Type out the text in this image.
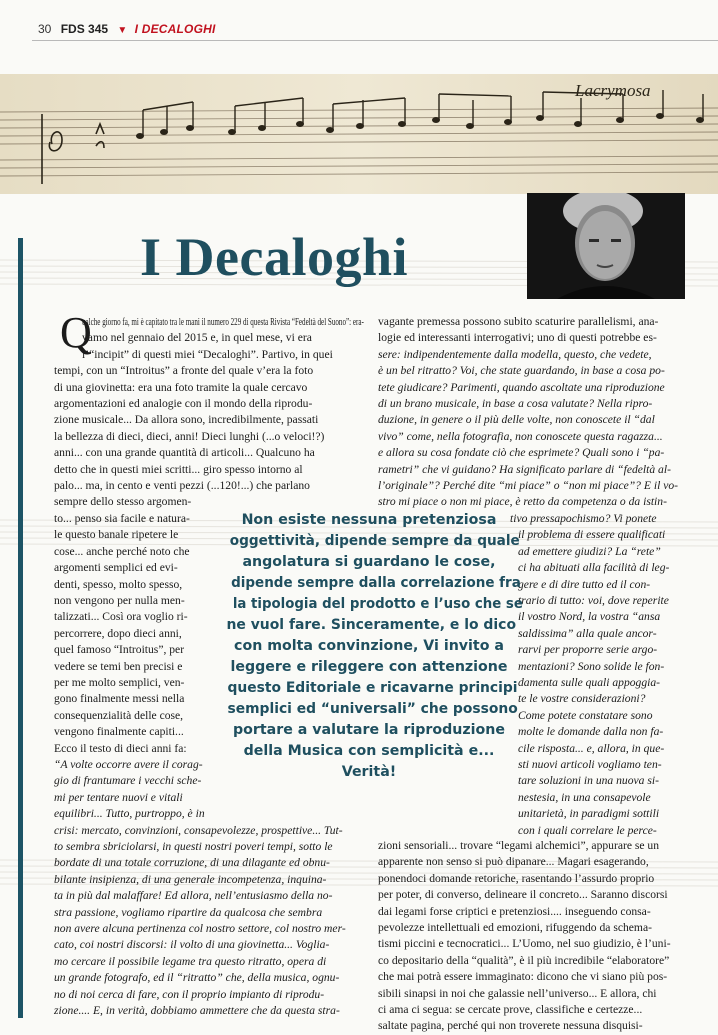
30 FDS 345 ▼ I DECALOGHI
Lacrymosa
I Decaloghi
Q

ualche giorno fa, mi è capitato tra le mani il numero 229 di questa Rivista “Fedeltà del Suono”: era-

vamo nel gennaio del 2015 e, in quel mese, vi era

l’“incipit” di questi miei “Decaloghi”. Partivo, in quei

tempi, con un “Introitus” a fronte del quale v’era la foto

di una giovinetta: era una foto tramite la quale cercavo

argomentazioni ed analogie con il mondo della riprodu-

zione musicale... Da allora sono, incredibilmente, passati

la bellezza di dieci, dieci, anni! Dieci lunghi (...o veloci!?)

anni... con una grande quantità di articoli... Qualcuno ha

detto che in questi miei scritti... giro spesso intorno al

palo... ma, in cento e venti pezzi (...120!...) che parlano

sempre dello stesso argomen-

to... penso sia facile e natura-

le questo banale ripetere le

cose... anche perché noto che

argomenti semplici ed evi-

denti, spesso, molto spesso,

non vengono per nulla men-

talizzati... Così ora voglio ri-

percorrere, dopo dieci anni,

quel famoso “Introitus”, per

vedere se temi ben precisi e

per me molto semplici, ven-

gono finalmente messi nella

consequenzialità delle cose,

vengono finalmente capiti...

Ecco il testo di dieci anni fa:

“A volte occorre avere il corag-

gio di frantumare i vecchi sche-

mi per tentare nuovi e vitali

equilibri... Tutto, purtroppo, è in

crisi: mercato, convinzioni, consapevolezze, prospettive... Tut-

to sembra sbriciolarsi, in questi nostri poveri tempi, sotto le

bordate di una totale corruzione, di una dilagante ed obnu-

bilante insipienza, di una generale incompetenza, inquina-

ta in più dal malaffare! Ed allora, nell’entusiasmo della no-

stra passione, vogliamo ripartire da qualcosa che sembra

non avere alcuna pertinenza col nostro settore, col nostro mer-

cato, coi nostri discorsi: il volto di una giovinetta... Voglia-

mo cercare il possibile legame tra questo ritratto, opera di

un grande fotografo, ed il “ritratto” che, della musica, ognu-

no di noi cerca di fare, con il proprio impianto di riprodu-

zione.... E, in verità, dobbiamo ammettere che da questa stra-

vagante premessa possono subito scaturire parallelismi, ana-

logie ed interessanti interrogativi; uno di questi potrebbe es-

sere: indipendentemente dalla modella, questo, che vedete,

è un bel ritratto? Voi, che state guardando, in base a cosa po-

tete giudicare? Parimenti, quando ascoltate una riproduzione

di un brano musicale, in base a cosa valutate? Nella ripro-

duzione, in genere o il più delle volte, non conoscete il “dal

vivo” come, nella fotografia, non conoscete questa ragazza...

e allora su cosa fondate ciò che esprimete? Quali sono i “pa-

rametri” che vi guidano? Ha significato parlare di “fedeltà al-

l’originale”? Perché dite “mi piace” o “non mi piace”? E il vo-

stro mi piace o non mi piace, è retto da competenza o da istin-

tivo pressapochismo? Vi ponete

il problema di essere qualificati

ad emettere giudizi? La “rete”

ci ha abituati alla facilità di leg-

gere e di dire tutto ed il con-

trario di tutto: voi, dove reperite

il vostro Nord, la vostra “ansa

saldissima” alla quale ancor-

rarvi per proporre serie argo-

mentazioni? Sono solide le fon-

damenta sulle quali appoggia-

te le vostre considerazioni?

Come potete constatare sono

molte le domande dalla non fa-

cile risposta... e, allora, in que-

sti nuovi articoli vogliamo ten-

tare soluzioni in una nuova si-

nestesia, in una consapevole

unitarietà, in paradigmi sottili

con i quali correlare le perce-

zioni sensoriali... trovare “legami alchemici”, appurare se un

apparente non senso si può dipanare... Magari esagerando,

ponendoci domande retoriche, rasentando l’assurdo proprio

per poter, di converso, delineare il concreto... Saranno discorsi

dai legami forse criptici e pretenziosi.... inseguendo consa-

pevolezze intellettuali ed emozioni, rifuggendo da schema-

tismi piccini e tecnocratici... L’Uomo, nel suo giudizio, è l’uni-

co depositario della “qualità”, è il più incredibile “elaboratore”

che mai potrà essere immaginato: dicono che vi siano più pos-

sibili sinapsi in noi che galassie nell’universo... E allora, chi

ci ama ci segua: se cercate prove, classifiche e certezze...

saltate pagina, perché qui non troverete nessuna disquisi-

Non esiste nessuna pretenziosa

oggettività, dipende sempre da quale

angolatura si guardano le cose,

dipende sempre dalla correlazione fra

la tipologia del prodotto e l’uso che se

ne vuol fare. Sinceramente, e lo dico

con molta convinzione, Vi invito a

leggere e rileggere con attenzione

questo Editoriale e ricavarne principi

semplici ed “universali” che possono

portare a valutare la riproduzione

della Musica con semplicità e...

Verità!
